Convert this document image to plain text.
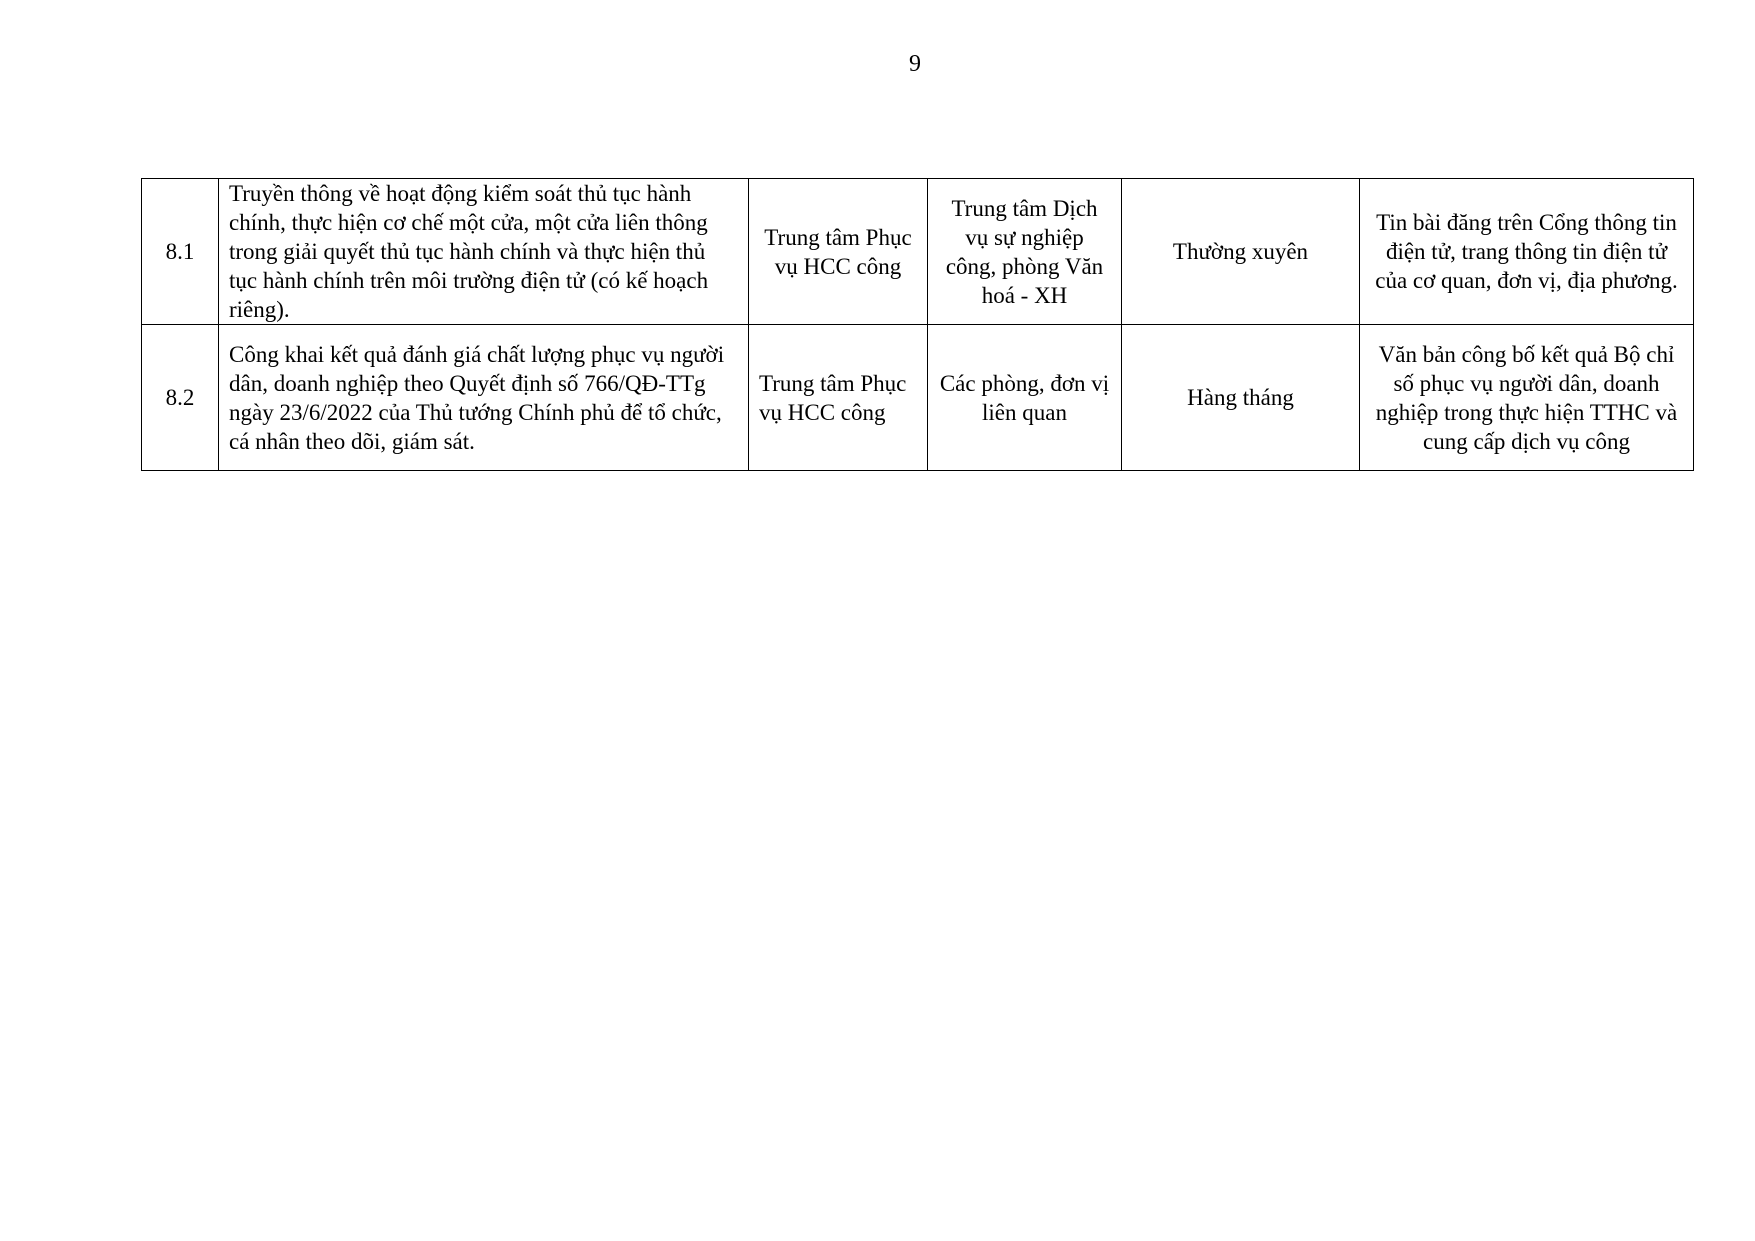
9
8.1	Truyền thông về hoạt động kiểm soát thủ tục hành chính, thực hiện cơ chế một cửa, một cửa liên thông trong giải quyết thủ tục hành chính và thực hiện thủ tục hành chính trên môi trường điện tử (có kế hoạch riêng).	Trung tâm Phục vụ HCC công	Trung tâm Dịch vụ sự nghiệp công, phòng Văn hoá - XH	Thường xuyên	Tin bài đăng trên Cổng thông tin điện tử, trang thông tin điện tử của cơ quan, đơn vị, địa phương.
8.2	Công khai kết quả đánh giá chất lượng phục vụ người dân, doanh nghiệp theo Quyết định số 766/QĐ-TTg ngày 23/6/2022 của Thủ tướng Chính phủ để tổ chức, cá nhân theo dõi, giám sát.	Trung tâm Phục vụ HCC công	Các phòng, đơn vị liên quan	Hàng tháng	Văn bản công bố kết quả Bộ chỉ số phục vụ người dân, doanh nghiệp trong thực hiện TTHC và cung cấp dịch vụ công
